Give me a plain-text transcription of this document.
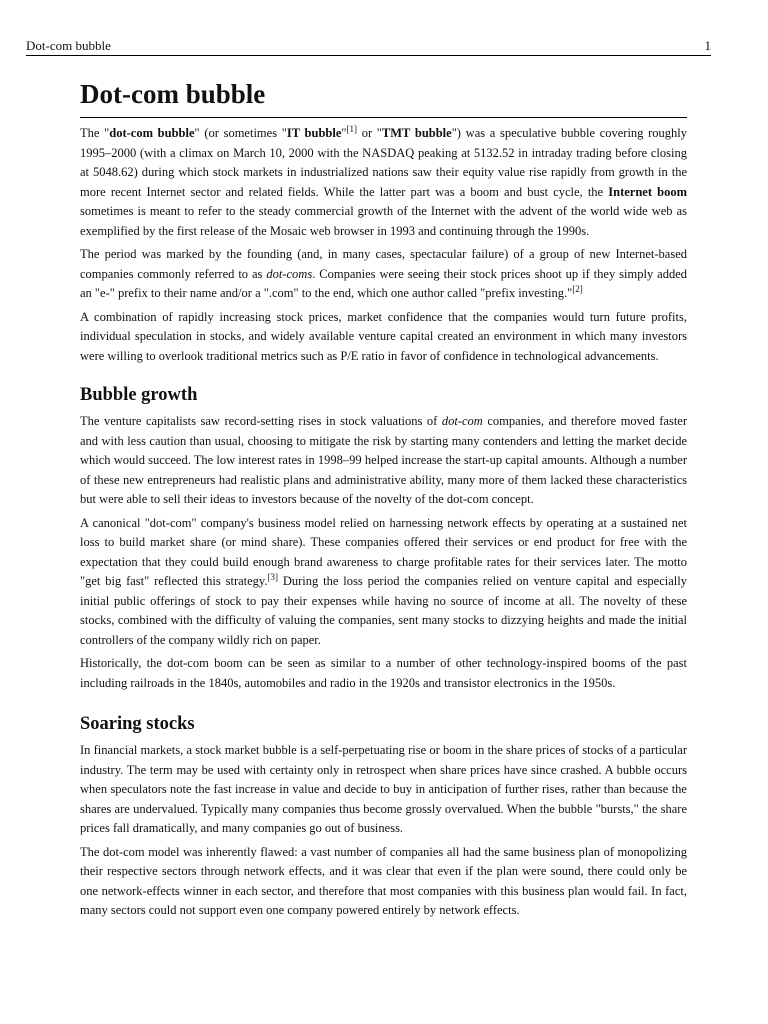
Dot-com bubble	1
Dot-com bubble

The "dot-com bubble" (or sometimes "IT bubble"[1] or "TMT bubble") was a speculative bubble covering roughly 1995–2000 (with a climax on March 10, 2000 with the NASDAQ peaking at 5132.52 in intraday trading before closing at 5048.62) during which stock markets in industrialized nations saw their equity value rise rapidly from growth in the more recent Internet sector and related fields. While the latter part was a boom and bust cycle, the Internet boom sometimes is meant to refer to the steady commercial growth of the Internet with the advent of the world wide web as exemplified by the first release of the Mosaic web browser in 1993 and continuing through the 1990s.

The period was marked by the founding (and, in many cases, spectacular failure) of a group of new Internet-based companies commonly referred to as dot-coms. Companies were seeing their stock prices shoot up if they simply added an "e-" prefix to their name and/or a ".com" to the end, which one author called "prefix investing."[2]

A combination of rapidly increasing stock prices, market confidence that the companies would turn future profits, individual speculation in stocks, and widely available venture capital created an environment in which many investors were willing to overlook traditional metrics such as P/E ratio in favor of confidence in technological advancements.

Bubble growth

The venture capitalists saw record-setting rises in stock valuations of dot-com companies, and therefore moved faster and with less caution than usual, choosing to mitigate the risk by starting many contenders and letting the market decide which would succeed. The low interest rates in 1998–99 helped increase the start-up capital amounts. Although a number of these new entrepreneurs had realistic plans and administrative ability, many more of them lacked these characteristics but were able to sell their ideas to investors because of the novelty of the dot-com concept.

A canonical "dot-com" company's business model relied on harnessing network effects by operating at a sustained net loss to build market share (or mind share). These companies offered their services or end product for free with the expectation that they could build enough brand awareness to charge profitable rates for their services later. The motto "get big fast" reflected this strategy.[3] During the loss period the companies relied on venture capital and especially initial public offerings of stock to pay their expenses while having no source of income at all. The novelty of these stocks, combined with the difficulty of valuing the companies, sent many stocks to dizzying heights and made the initial controllers of the company wildly rich on paper.

Historically, the dot-com boom can be seen as similar to a number of other technology-inspired booms of the past including railroads in the 1840s, automobiles and radio in the 1920s and transistor electronics in the 1950s.

Soaring stocks

In financial markets, a stock market bubble is a self-perpetuating rise or boom in the share prices of stocks of a particular industry. The term may be used with certainty only in retrospect when share prices have since crashed. A bubble occurs when speculators note the fast increase in value and decide to buy in anticipation of further rises, rather than because the shares are undervalued. Typically many companies thus become grossly overvalued. When the bubble "bursts," the share prices fall dramatically, and many companies go out of business.

The dot-com model was inherently flawed: a vast number of companies all had the same business plan of monopolizing their respective sectors through network effects, and it was clear that even if the plan were sound, there could only be one network-effects winner in each sector, and therefore that most companies with this business plan would fail. In fact, many sectors could not support even one company powered entirely by network effects.
